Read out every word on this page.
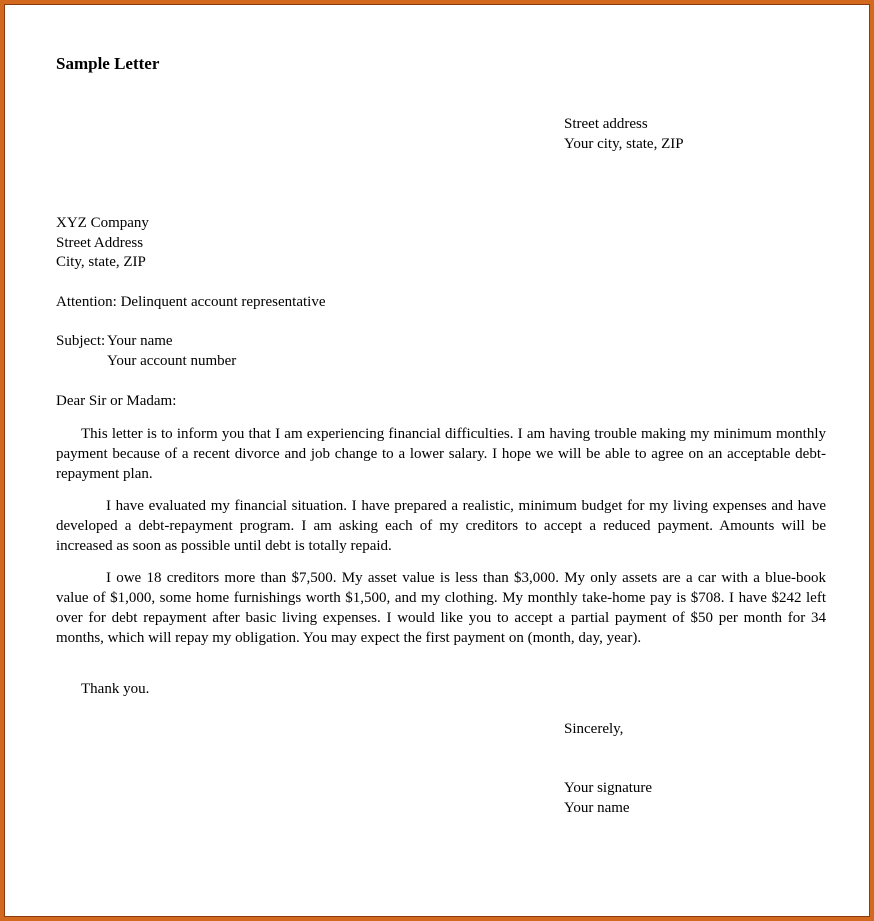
Sample Letter
Street address
Your city, state, ZIP
XYZ Company
Street Address
City, state, ZIP
Attention: Delinquent account representative
Subject: Your name
Your account number
Dear Sir or Madam:
This letter is to inform you that I am experiencing financial difficulties. I am having trouble making my minimum monthly payment because of a recent divorce and job change to a lower salary. I hope we will be able to agree on an acceptable debt-repayment plan.
I have evaluated my financial situation. I have prepared a realistic, minimum budget for my living expenses and have developed a debt-repayment program. I am asking each of my creditors to accept a reduced payment. Amounts will be increased as soon as possible until debt is totally repaid.
I owe 18 creditors more than $7,500. My asset value is less than $3,000. My only assets are a car with a blue-book value of $1,000, some home furnishings worth $1,500, and my clothing. My monthly take-home pay is $708. I have $242 left over for debt repayment after basic living expenses. I would like you to accept a partial payment of $50 per month for 34 months, which will repay my obligation. You may expect the first payment on (month, day, year).
Thank you.
Sincerely,
Your signature
Your name
